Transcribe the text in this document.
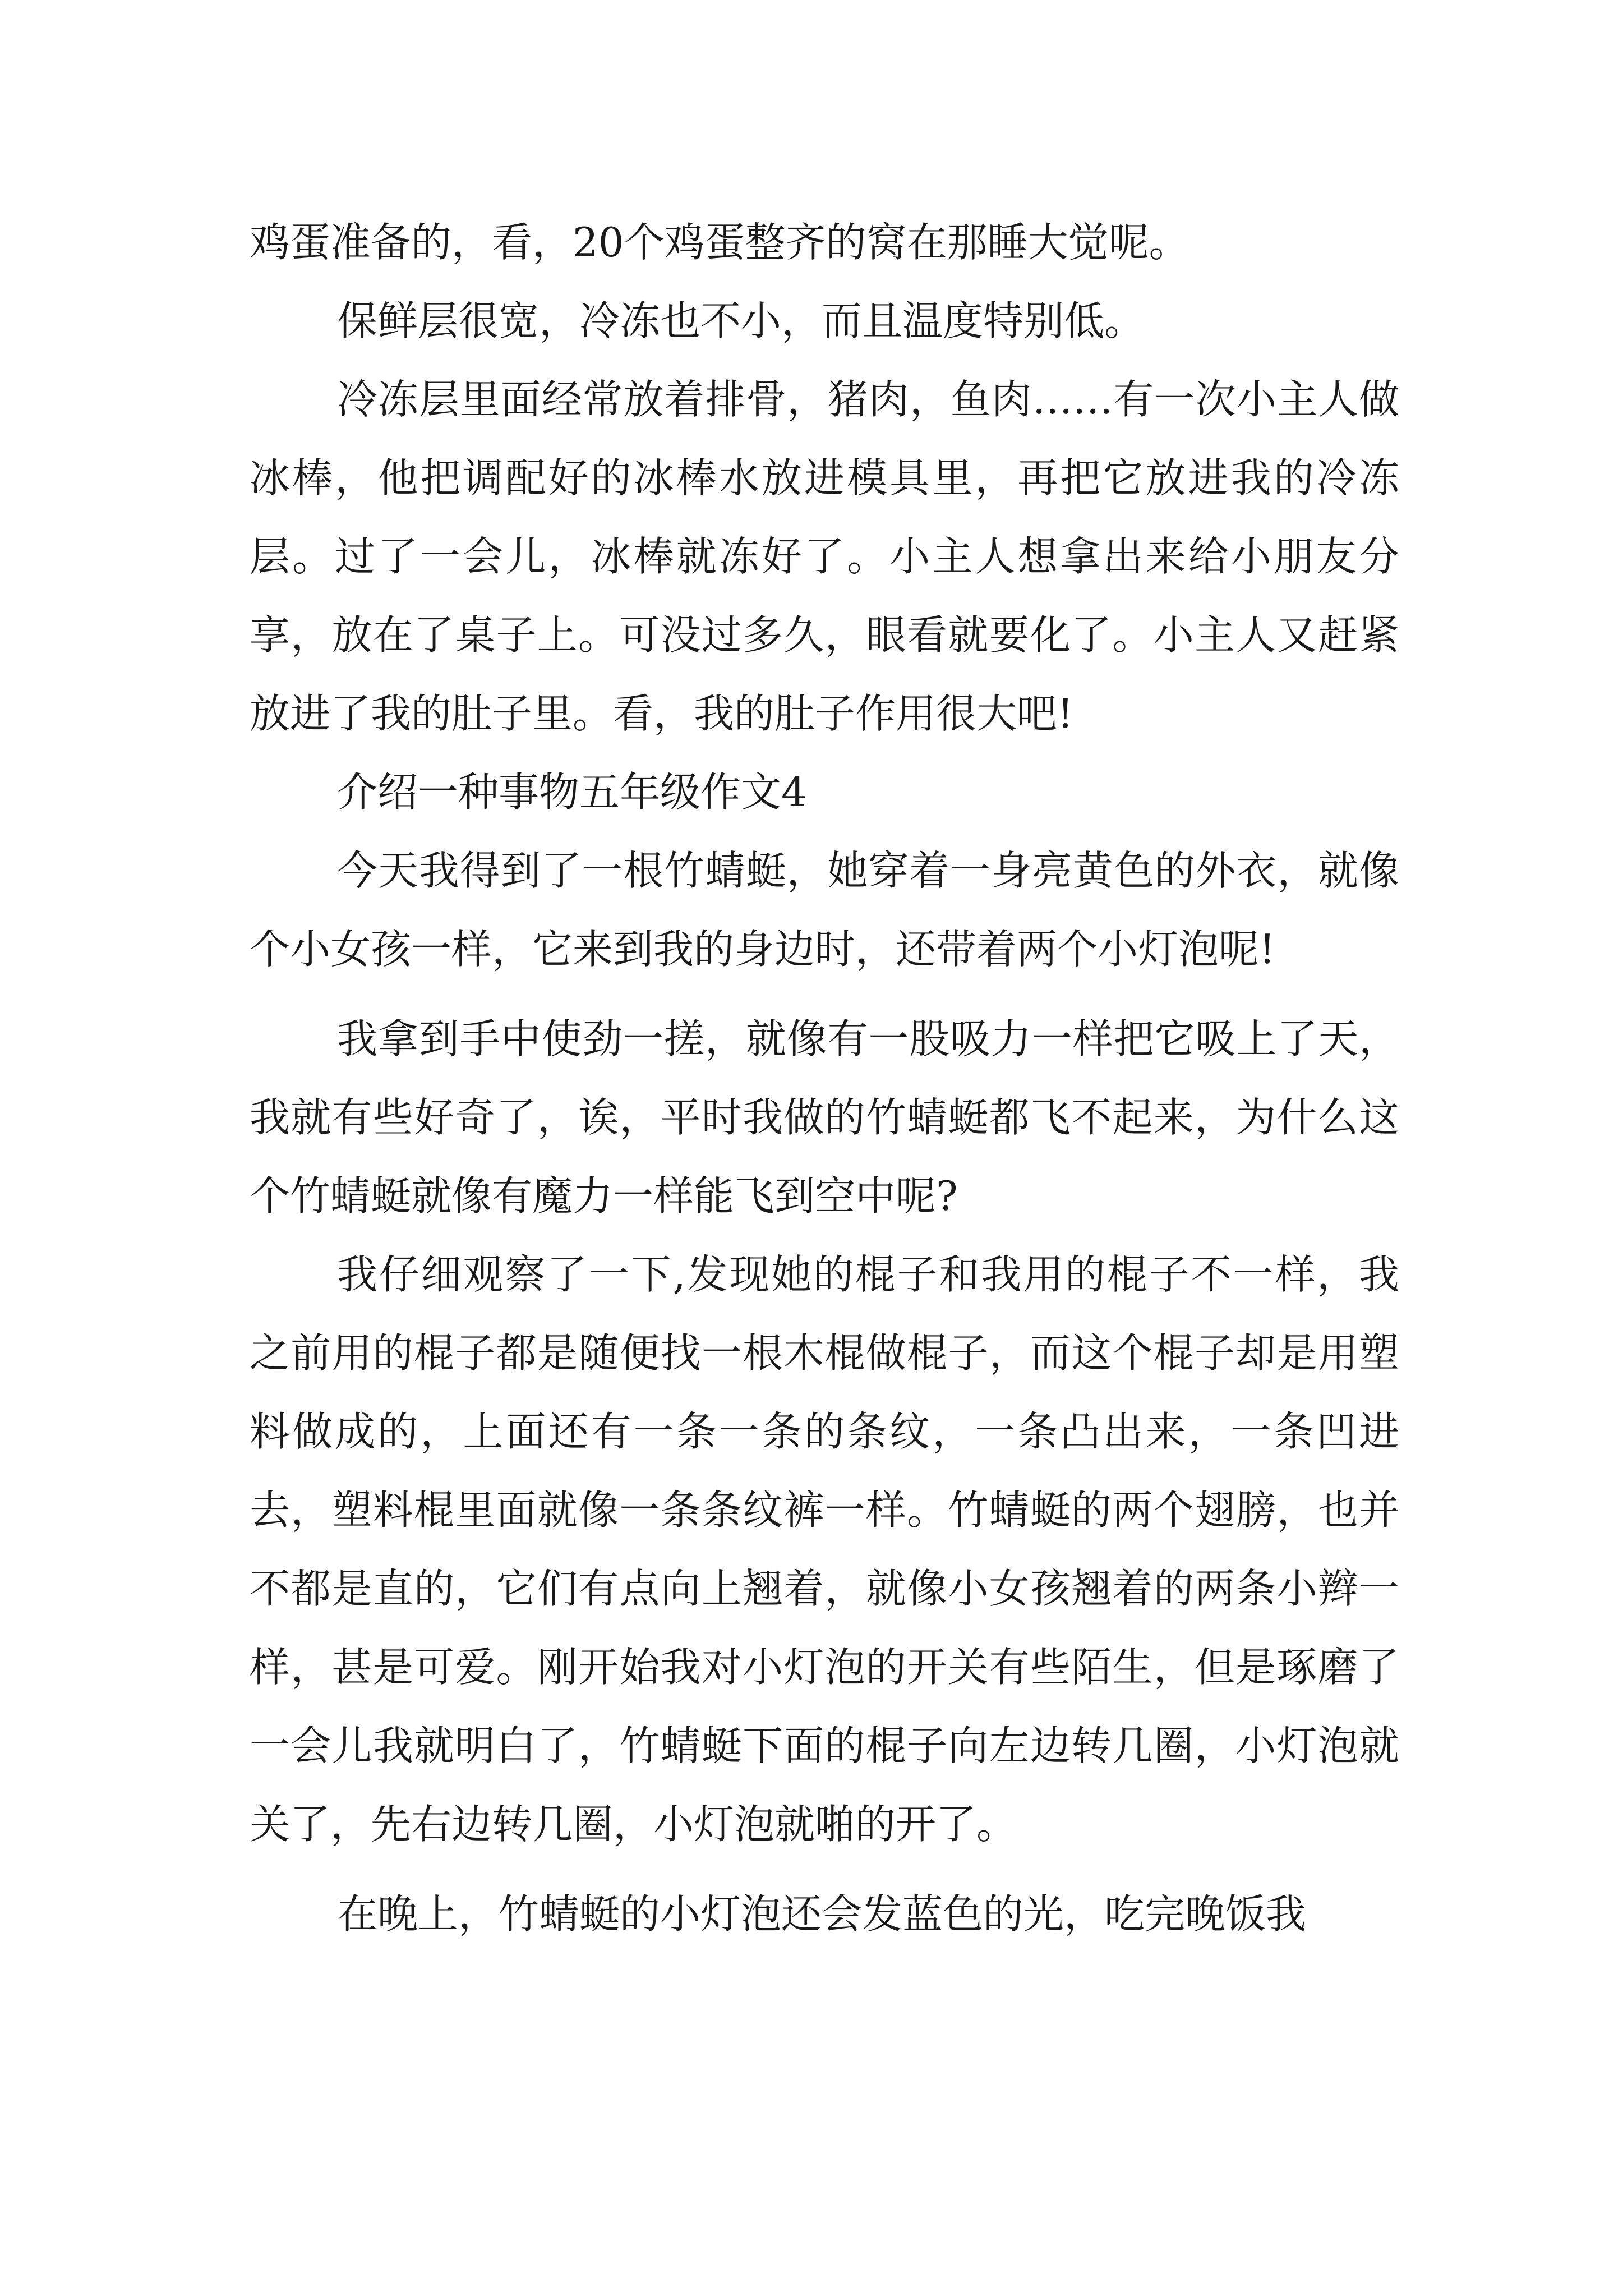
鸡蛋准备的，看，20个鸡蛋整齐的窝在那睡大觉呢。

保鲜层很宽，冷冻也不小，而且温度特别低。

冷冻层里面经常放着排骨，猪肉，鱼肉……有一次小主人做冰棒，他把调配好的冰棒水放进模具里，再把它放进我的冷冻层。过了一会儿，冰棒就冻好了。小主人想拿出来给小朋友分享，放在了桌子上。可没过多久，眼看就要化了。小主人又赶紧放进了我的肚子里。看，我的肚子作用很大吧!

介绍一种事物五年级作文4

今天我得到了一根竹蜻蜓，她穿着一身亮黄色的外衣，就像个小女孩一样，它来到我的身边时，还带着两个小灯泡呢!

我拿到手中使劲一搓，就像有一股吸力一样把它吸上了天，我就有些好奇了，诶，平时我做的竹蜻蜓都飞不起来，为什么这个竹蜻蜓就像有魔力一样能飞到空中呢?

我仔细观察了一下,发现她的棍子和我用的棍子不一样，我之前用的棍子都是随便找一根木棍做棍子，而这个棍子却是用塑料做成的，上面还有一条一条的条纹，一条凸出来，一条凹进去，塑料棍里面就像一条条纹裤一样。竹蜻蜓的两个翅膀，也并不都是直的，它们有点向上翘着，就像小女孩翘着的两条小辫一样，甚是可爱。刚开始我对小灯泡的开关有些陌生，但是琢磨了一会儿我就明白了，竹蜻蜓下面的棍子向左边转几圈，小灯泡就关了，先右边转几圈，小灯泡就啪的开了。

在晚上，竹蜻蜓的小灯泡还会发蓝色的光，吃完晚饭我
